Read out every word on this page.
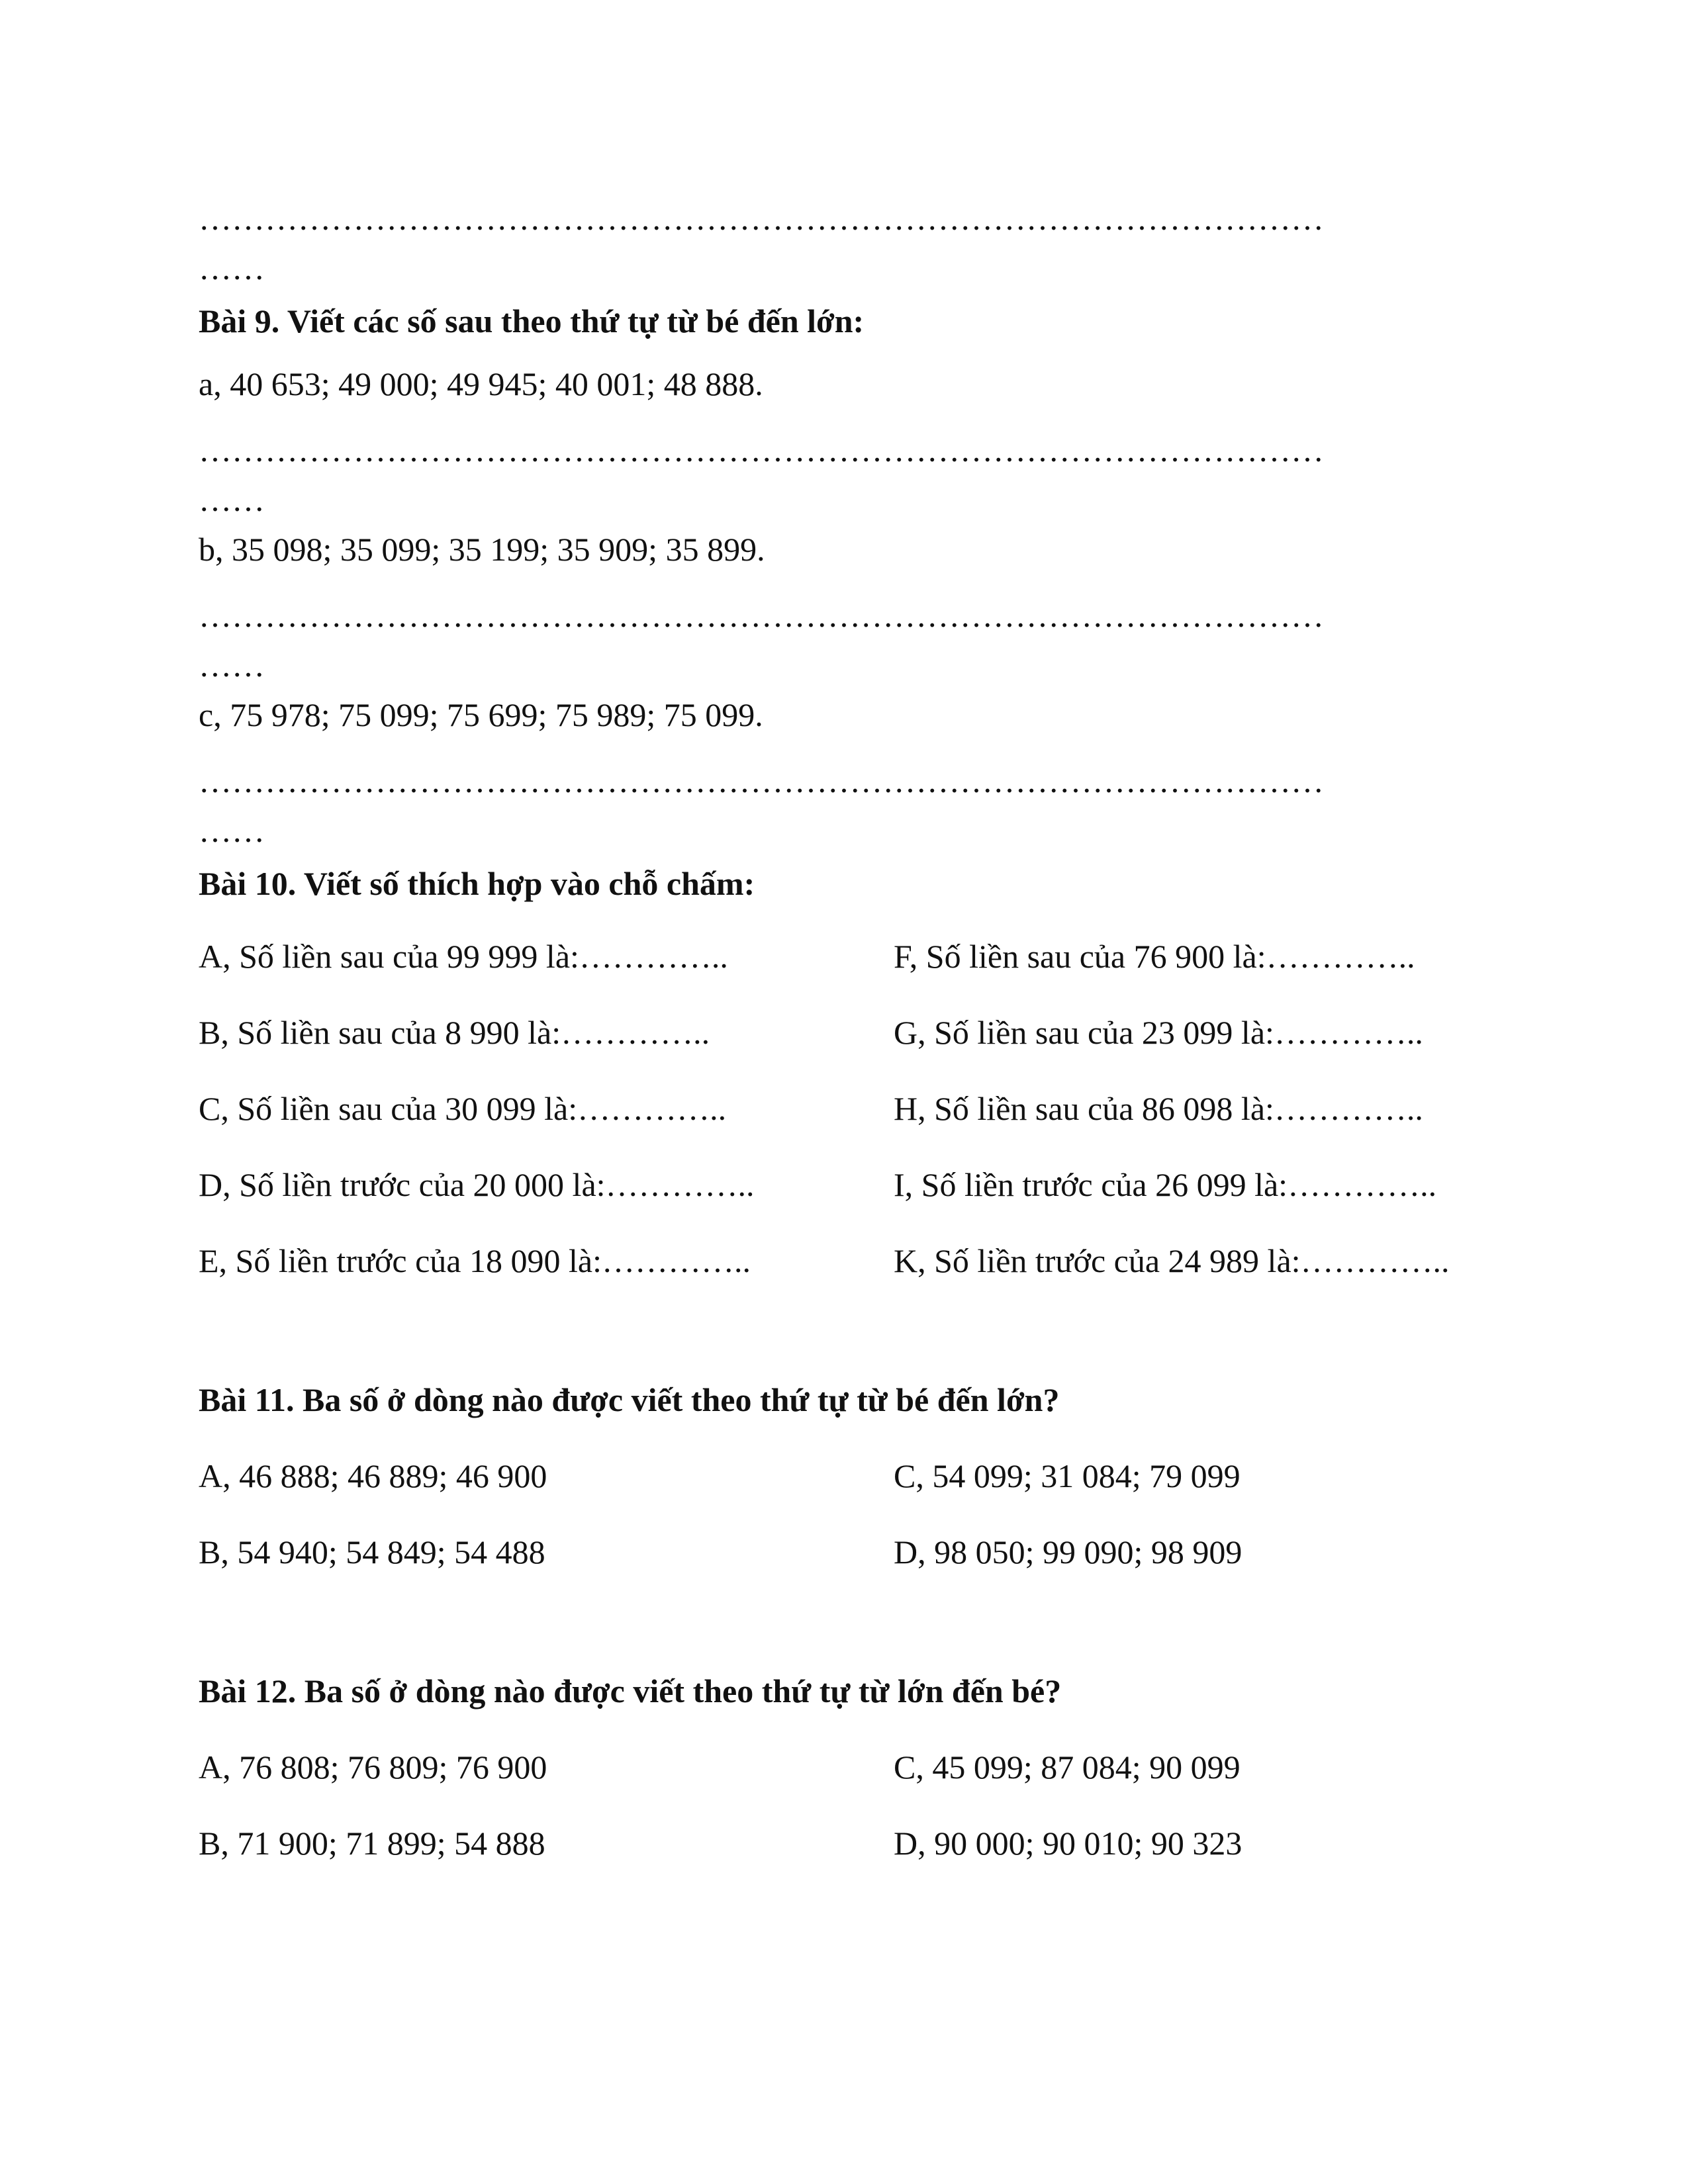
…………………………………………………………………………………………
……
Bài 9. Viết các số sau theo thứ tự từ bé đến lớn:
a, 40 653; 49 000; 49 945; 40 001; 48 888.
…………………………………………………………………………………………
……
b, 35 098; 35 099; 35 199; 35 909; 35 899.
…………………………………………………………………………………………
……
c, 75 978; 75 099; 75 699; 75 989; 75 099.
…………………………………………………………………………………………
……
Bài 10. Viết số thích hợp vào chỗ chấm:
A, Số liền sau của 99 999 là:…………..	F, Số liền sau của 76 900 là:…………..
B, Số liền sau của 8 990 là:…………..	G, Số liền sau của 23 099 là:…………..
C, Số liền sau của 30 099 là:…………..	H, Số liền sau của 86 098 là:…………..
D, Số liền trước của 20 000 là:…………..	I, Số liền trước của 26 099 là:…………..
E, Số liền trước của 18 090 là:…………..	K, Số liền trước của 24 989 là:…………..
Bài 11. Ba số ở dòng nào được viết theo thứ tự từ bé đến lớn?
A, 46 888; 46 889; 46 900	C, 54 099; 31 084; 79 099
B, 54 940; 54 849; 54 488	D, 98 050; 99 090; 98 909
Bài 12. Ba số ở dòng nào được viết theo thứ tự từ lớn đến bé?
A, 76 808; 76 809; 76 900	C, 45 099; 87 084; 90 099
B, 71 900; 71 899; 54 888	D, 90 000; 90 010; 90 323
